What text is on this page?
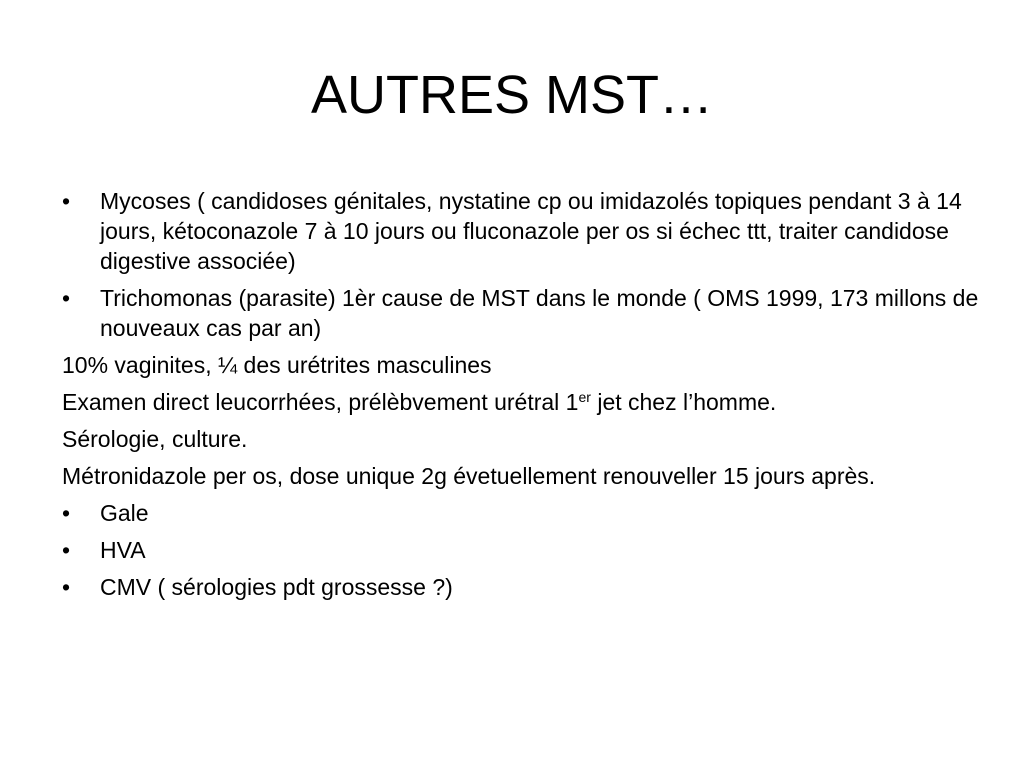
AUTRES MST…
•	Mycoses ( candidoses génitales, nystatine cp ou imidazolés topiques pendant 3 à 14 jours, kétoconazole 7 à 10 jours ou fluconazole per os si échec ttt, traiter candidose digestive associée)
•	Trichomonas (parasite) 1èr cause de MST dans le monde ( OMS 1999, 173 millons de nouveaux cas par an)
10% vaginites, ¼ des urétrites masculines
Examen direct leucorrhées, prélèbvement urétral 1er jet chez l’homme.
Sérologie, culture.
Métronidazole per os, dose unique 2g évetuellement renouveller 15 jours après.
•	Gale
•	HVA
•	CMV ( sérologies pdt grossesse ?)
